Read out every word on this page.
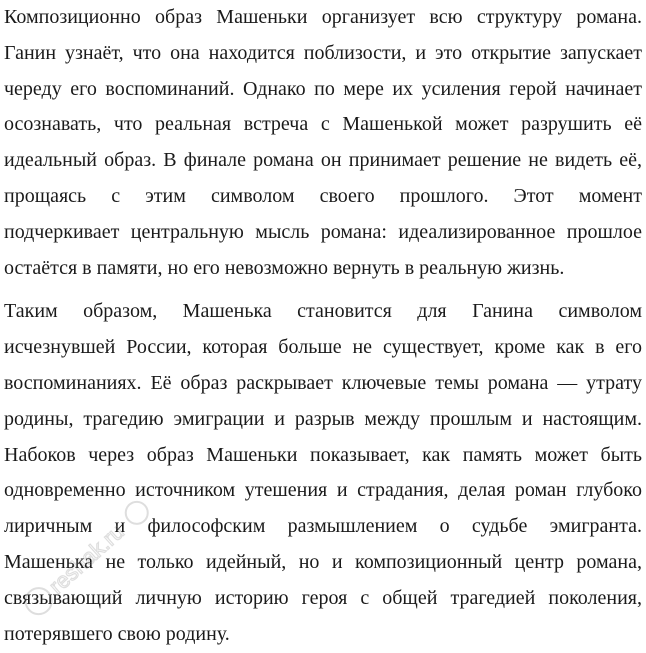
Композиционно образ Машеньки организует всю структуру романа.
Ганин узнаёт, что она находится поблизости, и это открытие запускает
череду его воспоминаний. Однако по мере их усиления герой начинает
осознавать, что реальная встреча с Машенькой может разрушить её
идеальный образ. В финале романа он принимает решение не видеть её,
прощаясь с этим символом своего прошлого. Этот момент
подчеркивает центральную мысль романа: идеализированное прошлое
остаётся в памяти, но его невозможно вернуть в реальную жизнь.
Таким образом, Машенька становится для Ганина символом
исчезнувшей России, которая больше не существует, кроме как в его
воспоминаниях. Её образ раскрывает ключевые темы романа — утрату
родины, трагедию эмиграции и разрыв между прошлым и настоящим.
Набоков через образ Машеньки показывает, как память может быть
одновременно источником утешения и страдания, делая роман глубоко
лиричным и философским размышлением о судьбе эмигранта.
Машенька не только идейный, но и композиционный центр романа,
связывающий личную историю героя с общей трагедией поколения,
потерявшего свою родину.
reshak.ru
